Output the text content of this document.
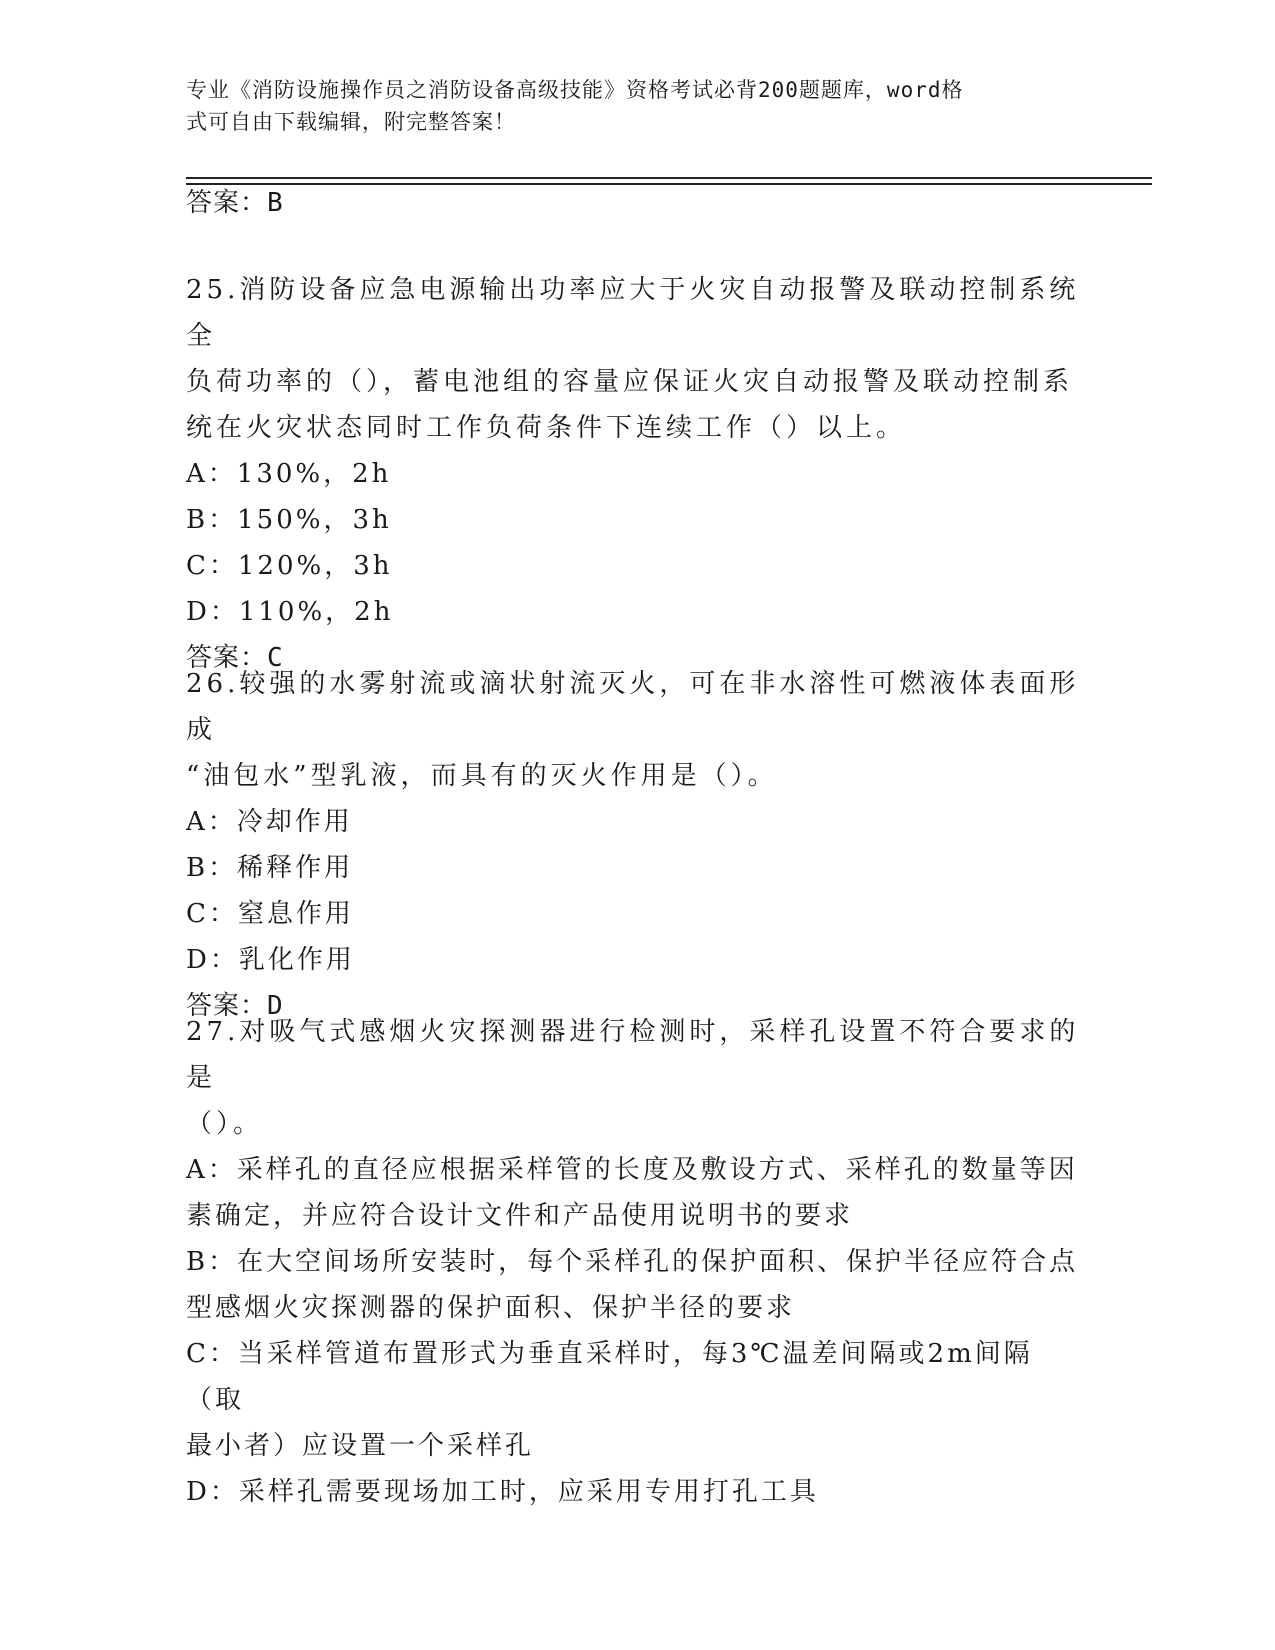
专业《消防设施操作员之消防设备高级技能》资格考试必背200题题库，word格
式可自由下载编辑，附完整答案！
答案：B
25.消防设备应急电源输出功率应大于火灾自动报警及联动控制系统全
负荷功率的（），蓄电池组的容量应保证火灾自动报警及联动控制系
统在火灾状态同时工作负荷条件下连续工作（）以上。
A：130%，2h
B：150%，3h
C：120%，3h
D：110%，2h
答案：C
26.较强的水雾射流或滴状射流灭火，可在非水溶性可燃液体表面形成
“油包水”型乳液，而具有的灭火作用是（）。
A：冷却作用
B：稀释作用
C：窒息作用
D：乳化作用
答案：D
27.对吸气式感烟火灾探测器进行检测时，采样孔设置不符合要求的是
（）。
A：采样孔的直径应根据采样管的长度及敷设方式、采样孔的数量等因
素确定，并应符合设计文件和产品使用说明书的要求
B：在大空间场所安装时，每个采样孔的保护面积、保护半径应符合点
型感烟火灾探测器的保护面积、保护半径的要求
C：当采样管道布置形式为垂直采样时，每3℃温差间隔或2m间隔（取
最小者）应设置一个采样孔
D：采样孔需要现场加工时，应采用专用打孔工具
